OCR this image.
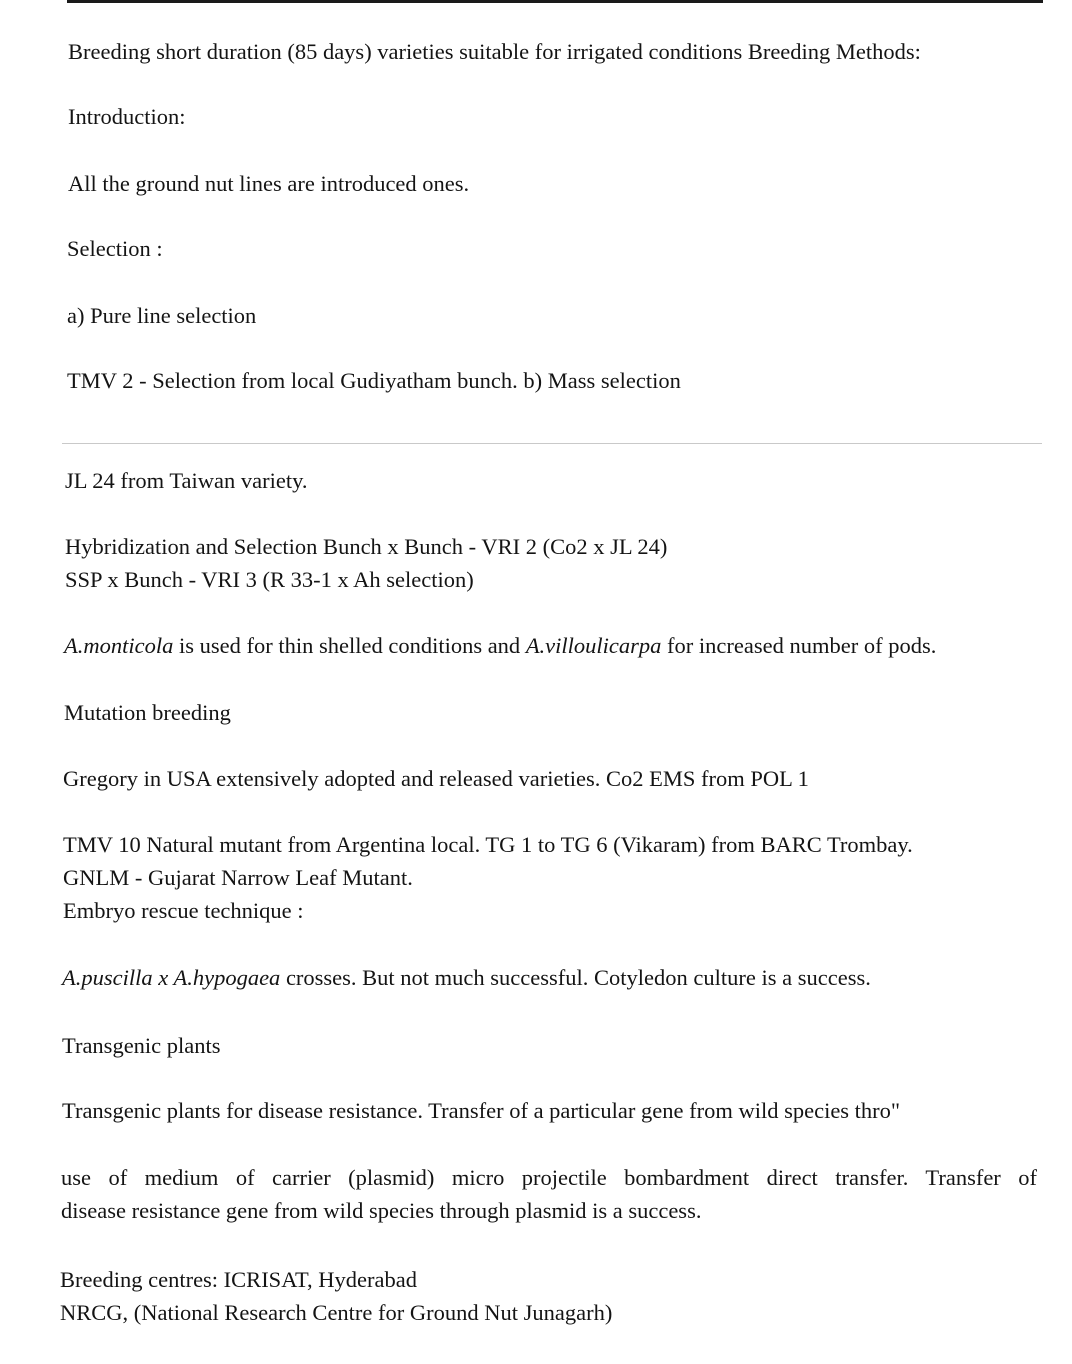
Breeding short duration (85 days) varieties suitable for irrigated conditions Breeding Methods:

Introduction:

All the ground nut lines are introduced ones.

Selection :

a) Pure line selection

TMV 2 - Selection from local Gudiyatham bunch. b) Mass selection

JL 24 from Taiwan variety.

Hybridization and Selection Bunch x Bunch - VRI 2 (Co2 x JL 24)
SSP x Bunch - VRI 3 (R 33-1 x Ah selection)

A.monticola is used for thin shelled conditions and A.villoulicarpa for increased number of pods.

Mutation breeding

Gregory in USA extensively adopted and released varieties. Co2 EMS from POL 1

TMV 10 Natural mutant from Argentina local. TG 1 to TG 6 (Vikaram) from BARC Trombay.
GNLM - Gujarat Narrow Leaf Mutant.
Embryo rescue technique :

A.puscilla x A.hypogaea crosses. But not much successful. Cotyledon culture is a success.

Transgenic plants

Transgenic plants for disease resistance. Transfer of a particular gene from wild species thro"

use of medium of carrier (plasmid) micro projectile bombardment direct transfer. Transfer of
disease resistance gene from wild species through plasmid is a success.
Breeding centres: ICRISAT, Hyderabad
NRCG, (National Research Centre for Ground Nut Junagarh)
